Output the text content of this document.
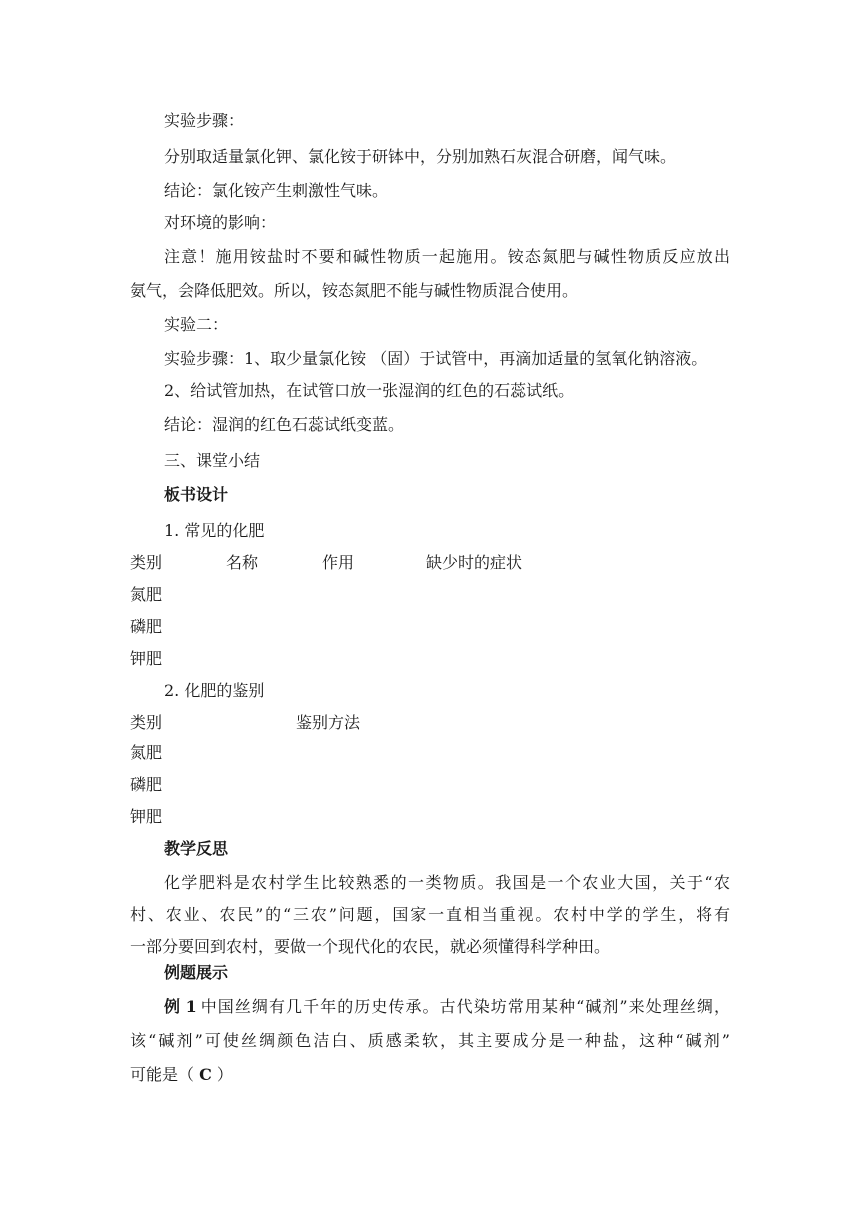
实验步骤：
分别取适量氯化钾、氯化铵于研钵中，分别加熟石灰混合研磨，闻气味。
结论：氯化铵产生刺激性气味。
对环境的影响：
注意！施用铵盐时不要和碱性物质一起施用。铵态氮肥与碱性物质反应放出
氨气，会降低肥效。所以，铵态氮肥不能与碱性物质混合使用。
实验二：
实验步骤：1、取少量氯化铵 （固）于试管中，再滴加适量的氢氧化钠溶液。
2、给试管加热，在试管口放一张湿润的红色的石蕊试纸。
结论：湿润的红色石蕊试纸变蓝。
三、课堂小结
板书设计
1. 常见的化肥
类别	名称	作用	缺少时的症状
氮肥
磷肥
钾肥
2. 化肥的鉴别
类别	鉴别方法
氮肥
磷肥
钾肥
教学反思
化学肥料是农村学生比较熟悉的一类物质。我国是一个农业大国，关于“农
村、农业、农民”的“三农”问题，国家一直相当重视。农村中学的学生，将有
一部分要回到农村，要做一个现代化的农民，就必须懂得科学种田。
例题展示
例 1 中国丝绸有几千年的历史传承。古代染坊常用某种“碱剂”来处理丝绸，
该“碱剂”可使丝绸颜色洁白、质感柔软，其主要成分是一种盐，这种“碱剂”
可能是（ C ）
